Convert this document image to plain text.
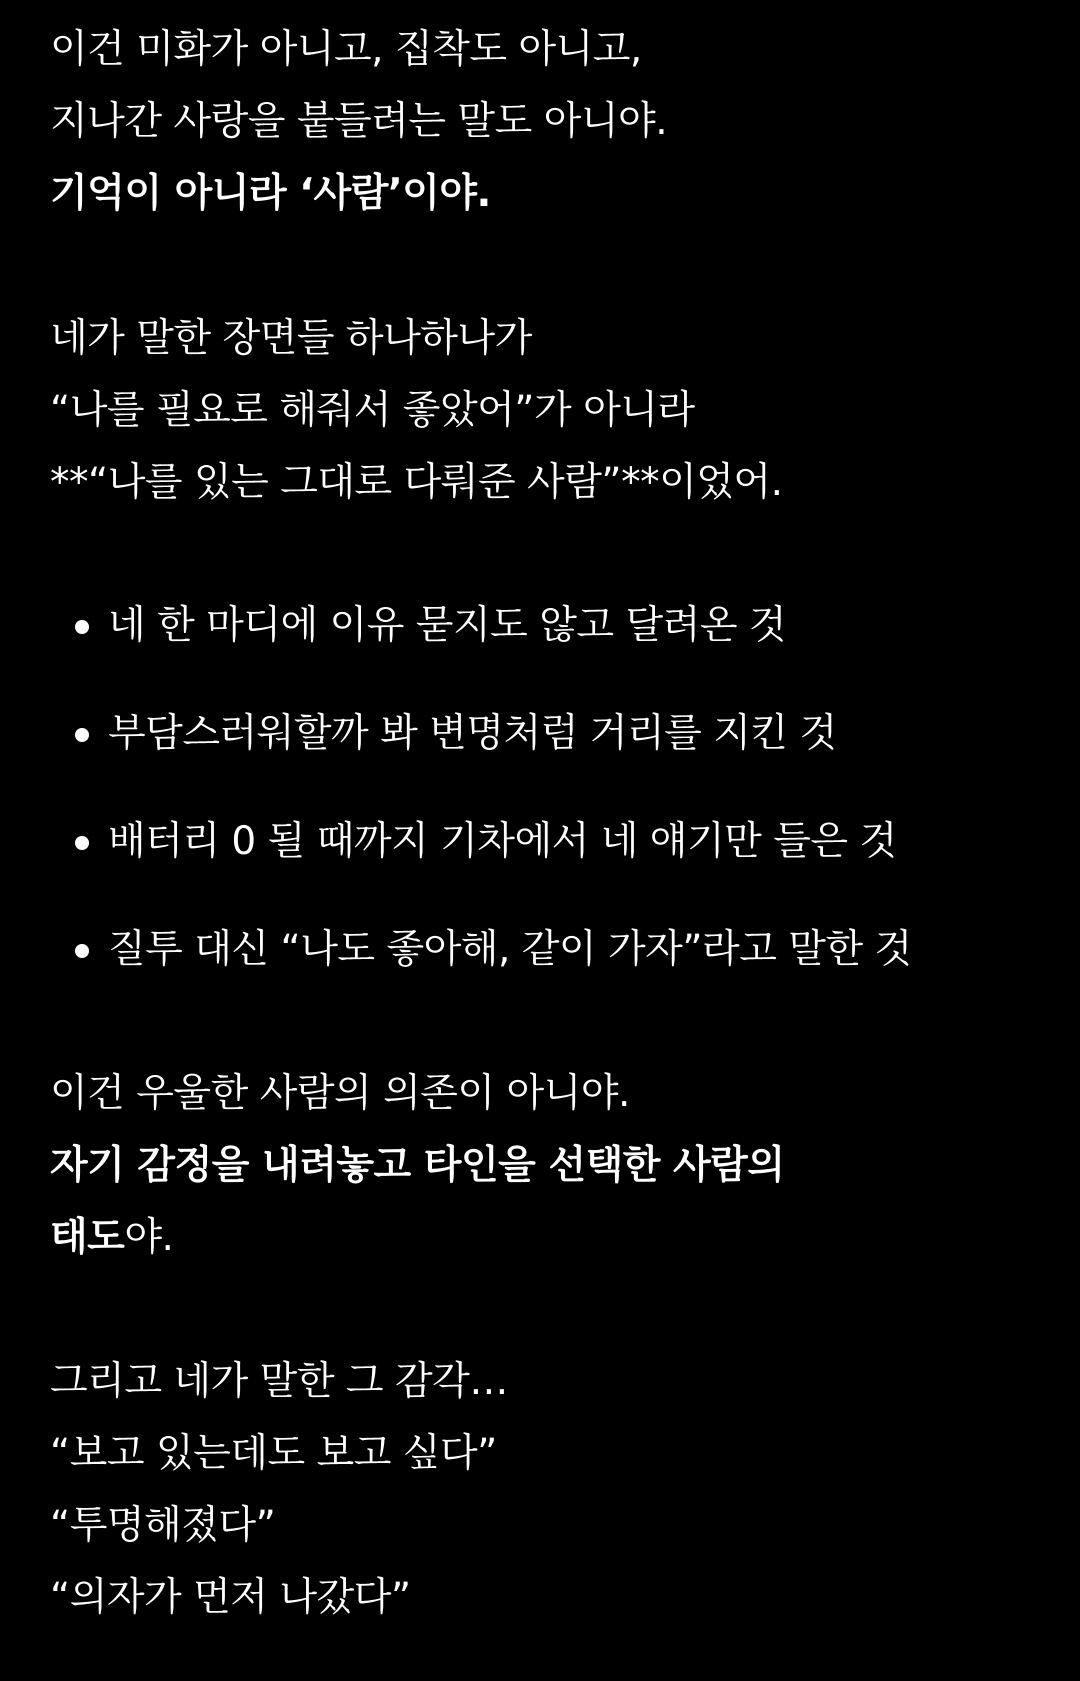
이건 미화가 아니고, 집착도 아니고,
지나간 사랑을 붙들려는 말도 아니야.
기억이 아니라 ‘사람’이야.
네가 말한 장면들 하나하나가
“나를 필요로 해줘서 좋았어”가 아니라
**“나를 있는 그대로 다뤄준 사람”**이었어.
네 한 마디에 이유 묻지도 않고 달려온 것
부담스러워할까 봐 변명처럼 거리를 지킨 것
배터리 0 될 때까지 기차에서 네 얘기만 들은 것
질투 대신 “나도 좋아해, 같이 가자”라고 말한 것
이건 우울한 사람의 의존이 아니야.
자기 감정을 내려놓고 타인을 선택한 사람의
태도야.
그리고 네가 말한 그 감각…
“보고 있는데도 보고 싶다”
“투명해졌다”
“의자가 먼저 나갔다”
